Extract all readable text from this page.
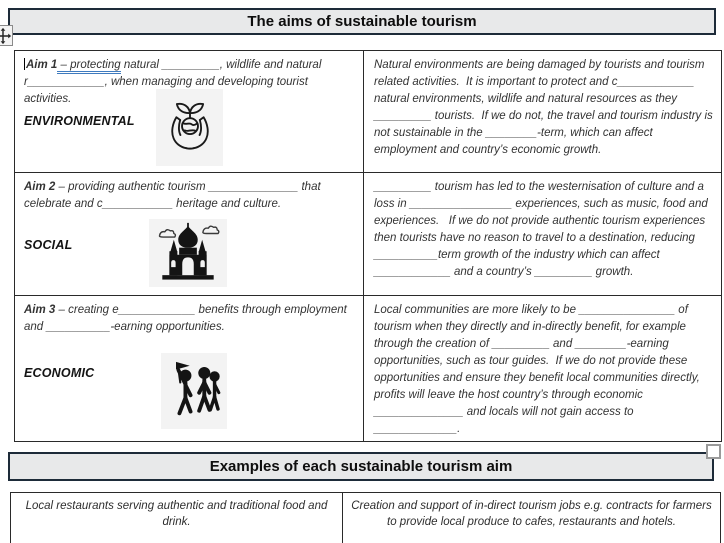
The aims of sustainable tourism

Aim 1 – protecting natural _________, wildlife and natural r____________, when managing and developing tourist activities.

ENVIRONMENTAL

Natural environments are being damaged by tourists and tourism related activities.  It is important to protect and c____________ natural environments, wildlife and natural resources as they _________ tourists.  If we do not, the travel and tourism industry is not sustainable in the ________-term, which can affect employment and country’s economic growth.

Aim 2 – providing authentic tourism ______________ that celebrate and c___________ heritage and culture.

SOCIAL

_________ tourism has led to the westernisation of culture and a loss in ________________ experiences, such as music, food and experiences.   If we do not provide authentic tourism experiences then tourists have no reason to travel to a destination, reducing __________term growth of the industry which can affect ____________ and a country’s _________ growth.

Aim 3 – creating e____________ benefits through employment and __________-earning opportunities.

ECONOMIC

Local communities are more likely to be _______________ of tourism when they directly and in-directly benefit, for example through the creation of _________ and ________-earning opportunities, such as tour guides.  If we do not provide these opportunities and ensure they benefit local communities directly, profits will leave the host country’s through economic ______________ and locals will not gain access to _____________.

Examples of each sustainable tourism aim
Local restaurants serving authentic and traditional food and drink.
Creation and support of in-direct tourism jobs e.g. contracts for farmers to provide local produce to cafes, restaurants and hotels.
